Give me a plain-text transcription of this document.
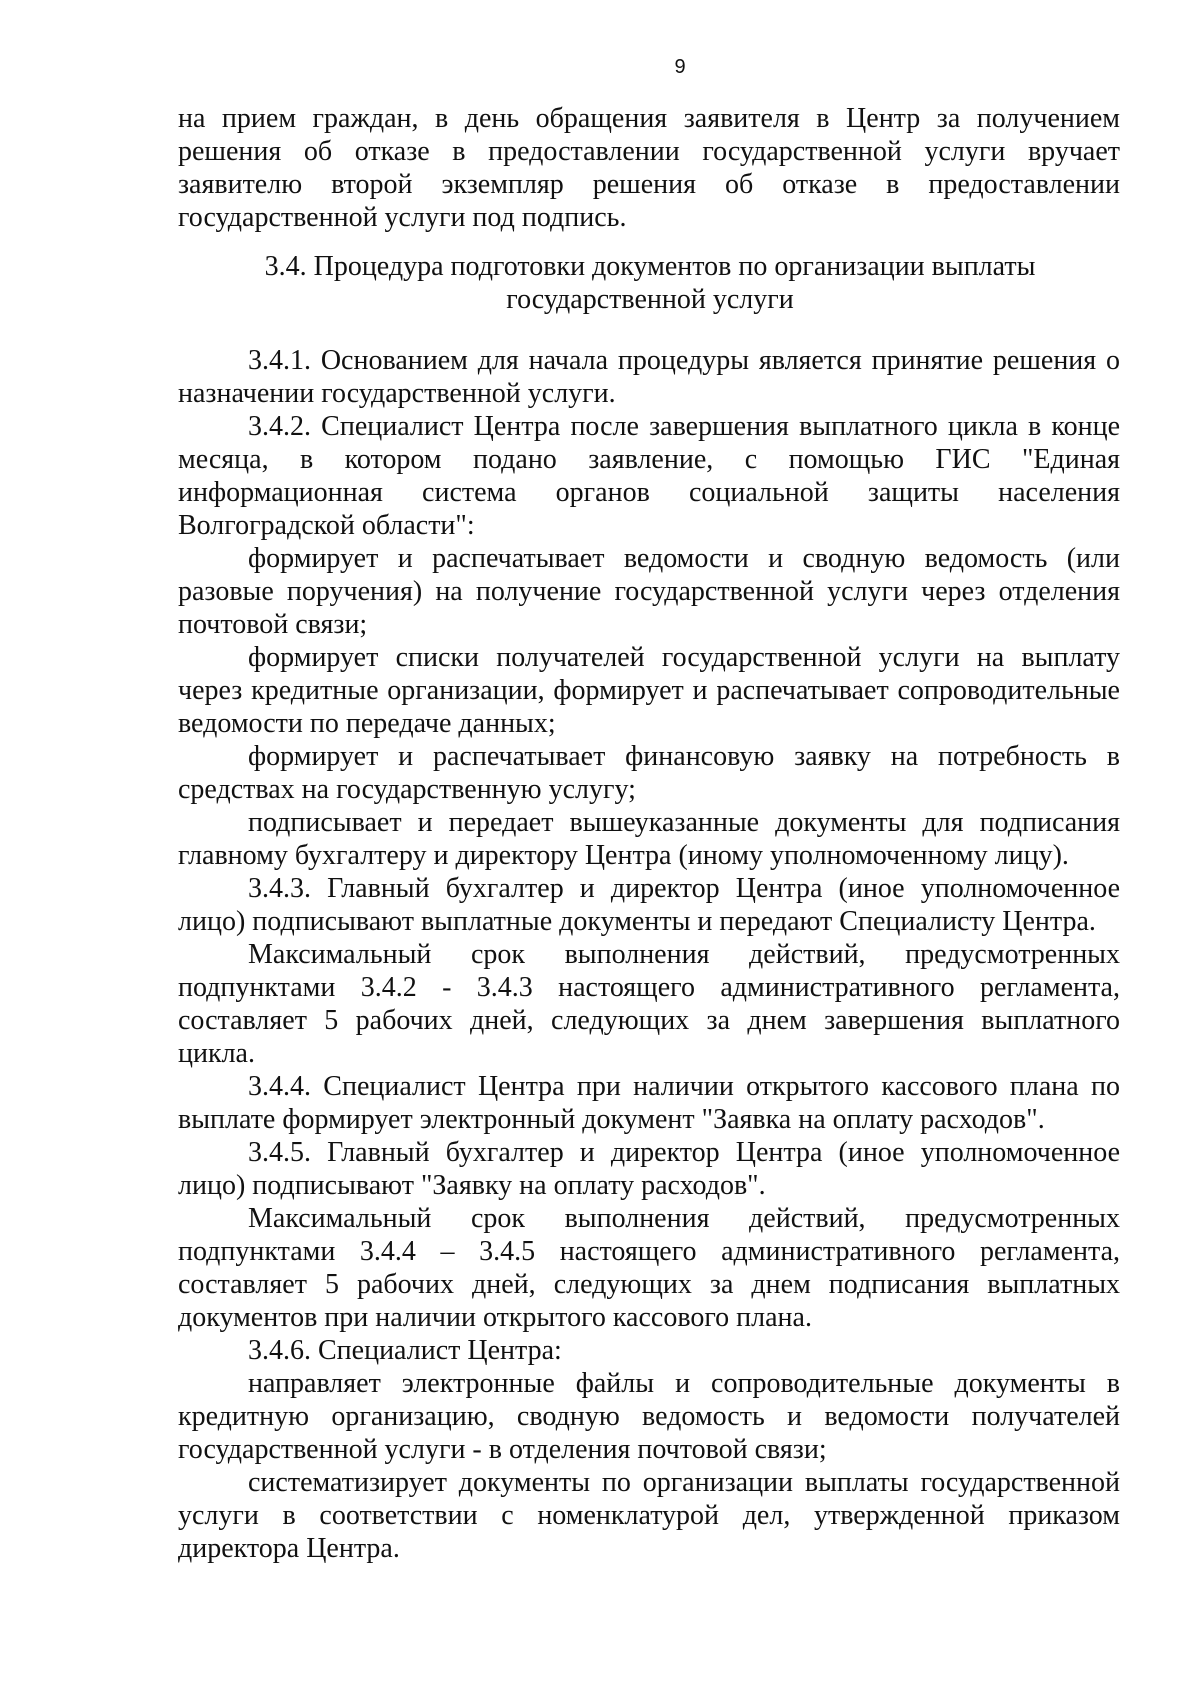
9

на прием граждан, в день обращения заявителя в Центр за получением решения об отказе в предоставлении государственной услуги вручает заявителю второй экземпляр решения об отказе в предоставлении государственной услуги под подпись.

3.4. Процедура подготовки документов по организации выплаты

государственной услуги

3.4.1. Основанием для начала процедуры является принятие решения о назначении государственной услуги.

3.4.2. Специалист Центра после завершения выплатного цикла в конце месяца, в котором подано заявление, с помощью ГИС "Единая информационная система органов социальной защиты населения Волгоградской области":

формирует и распечатывает ведомости и сводную ведомость (или разовые поручения) на получение государственной услуги через отделения почтовой связи;

формирует списки получателей государственной услуги на выплату через кредитные организации, формирует и распечатывает сопроводительные ведомости по передаче данных;

формирует и распечатывает финансовую заявку на потребность в средствах на государственную услугу;

подписывает и передает вышеуказанные документы для подписания главному бухгалтеру и директору Центра (иному уполномоченному лицу).

3.4.3. Главный бухгалтер и директор Центра (иное уполномоченное лицо) подписывают выплатные документы и передают Специалисту Центра.

Максимальный срок выполнения действий, предусмотренных подпунктами 3.4.2 - 3.4.3 настоящего административного регламента, составляет 5 рабочих дней, следующих за днем завершения выплатного цикла.

3.4.4. Специалист Центра при наличии открытого кассового плана по выплате формирует электронный документ "Заявка на оплату расходов".

3.4.5. Главный бухгалтер и директор Центра (иное уполномоченное лицо) подписывают "Заявку на оплату расходов".

Максимальный срок выполнения действий, предусмотренных подпунктами 3.4.4 – 3.4.5 настоящего административного регламента, составляет 5 рабочих дней, следующих за днем подписания выплатных документов при наличии открытого кассового плана.

3.4.6. Специалист Центра:

направляет электронные файлы и сопроводительные документы в кредитную организацию, сводную ведомость и ведомости получателей государственной услуги - в отделения почтовой связи;

систематизирует документы по организации выплаты государственной услуги в соответствии с номенклатурой дел, утвержденной приказом директора Центра.
